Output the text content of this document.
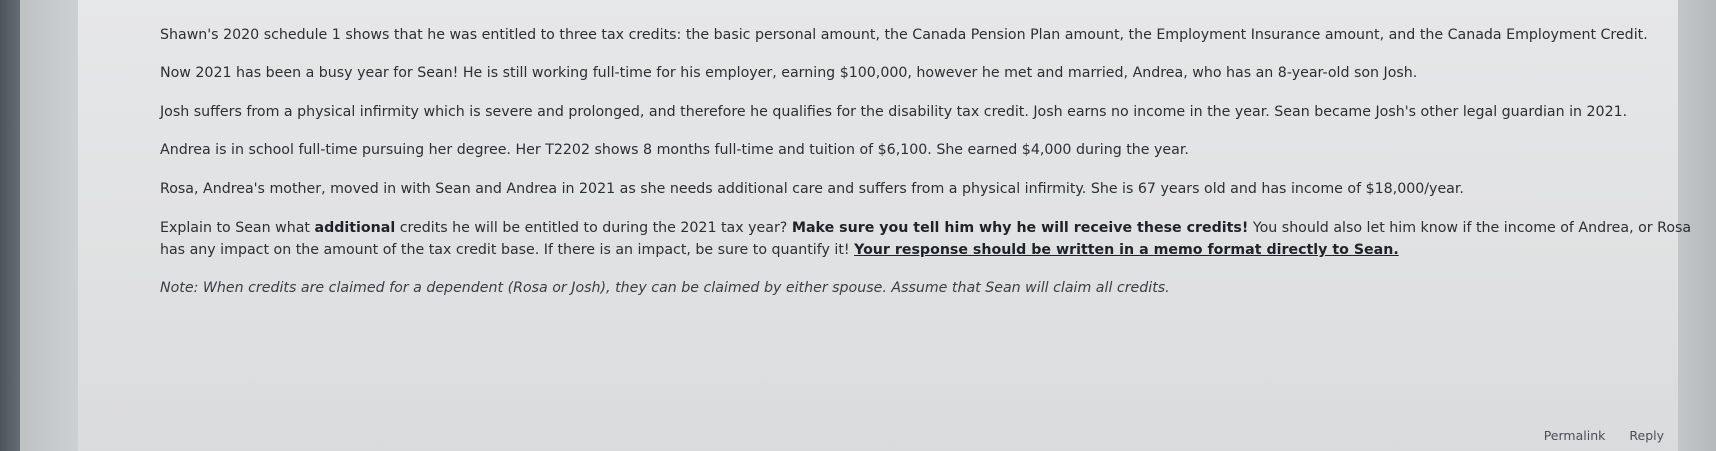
Shawn's 2020 schedule 1 shows that he was entitled to three tax credits: the basic personal amount, the Canada Pension Plan amount, the Employment Insurance amount, and the Canada Employment Credit.

Now 2021 has been a busy year for Sean! He is still working full-time for his employer, earning $100,000, however he met and married, Andrea, who has an 8-year-old son Josh.

Josh suffers from a physical infirmity which is severe and prolonged, and therefore he qualifies for the disability tax credit. Josh earns no income in the year. Sean became Josh's other legal guardian in 2021.

Andrea is in school full-time pursuing her degree. Her T2202 shows 8 months full-time and tuition of $6,100. She earned $4,000 during the year.

Rosa, Andrea's mother, moved in with Sean and Andrea in 2021 as she needs additional care and suffers from a physical infirmity. She is 67 years old and has income of $18,000/year.

Explain to Sean what additional credits he will be entitled to during the 2021 tax year? Make sure you tell him why he will receive these credits! You should also let him know if the income of Andrea, or Rosa has any impact on the amount of the tax credit base. If there is an impact, be sure to quantify it! Your response should be written in a memo format directly to Sean.

Note: When credits are claimed for a dependent (Rosa or Josh), they can be claimed by either spouse. Assume that Sean will claim all credits.

Permalink Reply
